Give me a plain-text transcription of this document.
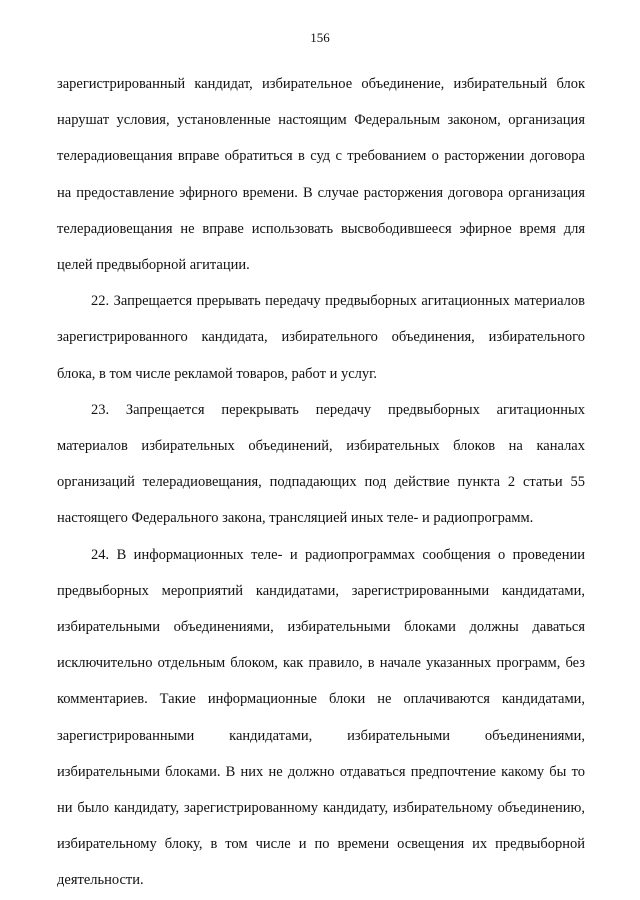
156

зарегистрированный кандидат, избирательное объединение, избирательный блок нарушат условия, установленные настоящим Федеральным законом, организация телерадиовещания вправе обратиться в суд с требованием о расторжении договора на предоставление эфирного времени. В случае расторжения договора организация телерадиовещания не вправе использовать высвободившееся эфирное время для целей предвыборной агитации.

22. Запрещается прерывать передачу предвыборных агитационных материалов зарегистрированного кандидата, избирательного объединения, избирательного блока, в том числе рекламой товаров, работ и услуг.

23. Запрещается перекрывать передачу предвыборных агитационных материалов избирательных объединений, избирательных блоков на каналах организаций телерадиовещания, подпадающих под действие пункта 2 статьи 55 настоящего Федерального закона, трансляцией иных теле- и радиопрограмм.

24. В информационных теле- и радиопрограммах сообщения о проведении предвыборных мероприятий кандидатами, зарегистрированными кандидатами, избирательными объединениями, избирательными блоками должны даваться исключительно отдельным блоком, как правило, в начале указанных программ, без комментариев. Такие информационные блоки не оплачиваются кандидатами, зарегистрированными кандидатами, избирательными объединениями, избирательными блоками. В них не должно отдаваться предпочтение какому бы то ни было кандидату, зарегистрированному кандидату, избирательному объединению, избирательному блоку, в том числе и по времени освещения их предвыборной деятельности.
